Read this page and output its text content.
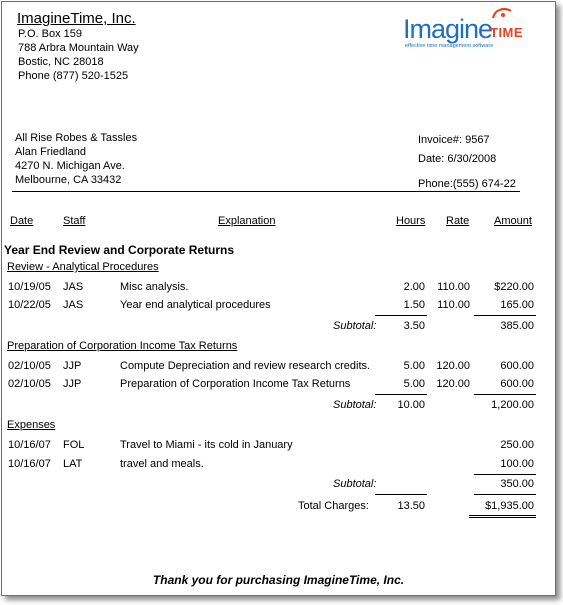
ImagineTime, Inc.
P.O. Box 159
788 Arbra Mountain Way
Bostic, NC 28018
Phone (877) 520-1525
Imagine
TIME
effective time management software
All Rise Robes & Tassles
Alan Friedland
4270 N. Michigan Ave.
Melbourne, CA 33432
Invoice#: 9567
Date: 6/30/2008
Phone:(555) 674-22
Date	Staff	Explanation	Hours Rate Amount
Year End Review and Corporate Returns
Review - Analytical Procedures
10/19/05 JAS	Misc analysis.	2.00	110.00	$220.00
10/22/05 JAS	Year end analytical procedures	1.50	110.00	165.00
Subtotal:	3.50	385.00
Preparation of Corporation Income Tax Returns
02/10/05 JJP	Compute Depreciation and review research credits.	5.00	120.00	600.00
02/10/05 JJP	Preparation of Corporation Income Tax Returns	5.00	120.00	600.00
Subtotal:	10.00	1,200.00
Expenses
10/16/07 FOL	Travel to Miami - its cold in January	250.00
10/16/07 LAT	travel and meals.	100.00
Subtotal:	350.00
Total Charges:	13.50	$1,935.00
Thank you for purchasing ImagineTime, Inc.
